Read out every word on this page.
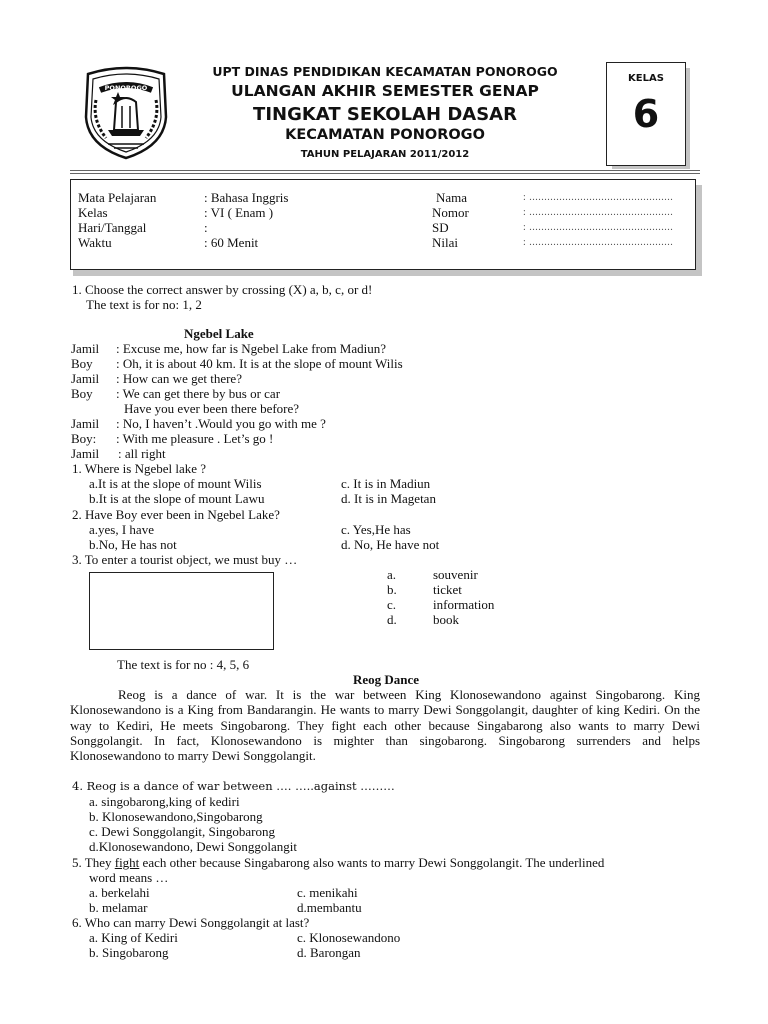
PONOROGO
UPT DINAS PENDIDIKAN KECAMATAN PONOROGO
ULANGAN AKHIR SEMESTER GENAP
TINGKAT SEKOLAH DASAR
KECAMATAN PONOROGO
TAHUN PELAJARAN 2011/2012
KELAS
6
Mata Pelajaran	: Bahasa Inggris	Nama	: ................................................
Kelas	: VI ( Enam )	Nomor	: ................................................
Hari/Tanggal	:	SD	: ................................................
Waktu	: 60 Menit	Nilai	: ................................................
1. Choose the correct answer by crossing (X) a, b, c, or d!
The text is for no: 1, 2
Ngebel Lake
Jamil : Excuse me, how far is Ngebel Lake from Madiun?
Boy : Oh, it is about 40 km. It is at the slope of mount Wilis
Jamil : How can we get there?
Boy : We can get there by bus or car
Have you ever been there before?
Jamil : No, I haven’t .Would you go with me ?
Boy: : With me pleasure . Let’s go !
Jamil : all right
1. Where is Ngebel lake ?
a.It is at the slope of mount Wilis	c. It is in Madiun
b.It is at the slope of mount Lawu	d. It is in Magetan
2. Have Boy ever been in Ngebel Lake?
a.yes, I have	c. Yes,He has
b.No, He has not	d. No, He have not
3. To enter a tourist object, we must buy …
a.	souvenir
b.	ticket
c.	information
d.	book
The text is for no : 4, 5, 6
Reog Dance

Reog is a dance of war. It is the war between King Klonosewandono against Singobarong. King Klonosewandono is a King from Bandarangin. He wants to marry Dewi Songgolangit, daughter of king Kediri. On the way to Kediri, He meets Singobarong. They fight each other because Singabarong also wants to marry Dewi Songgolangit. In fact, Klonosewandono is mighter than singobarong. Singobarong surrenders and helps Klonosewandono to marry Dewi Songgolangit.

4. Reog is a dance of war between …. …..against ………
a. singobarong,king of kediri
b. Klonosewandono,Singobarong
c. Dewi Songgolangit, Singobarong
d.Klonosewandono, Dewi Songgolangit
5. They fight each other because Singabarong also wants to marry Dewi Songgolangit. The underlined
word means …
a. berkelahi	c. menikahi
b. melamar	d.membantu
6. Who can marry Dewi Songgolangit at last?
a. King of Kediri	c. Klonosewandono
b. Singobarong	d. Barongan
